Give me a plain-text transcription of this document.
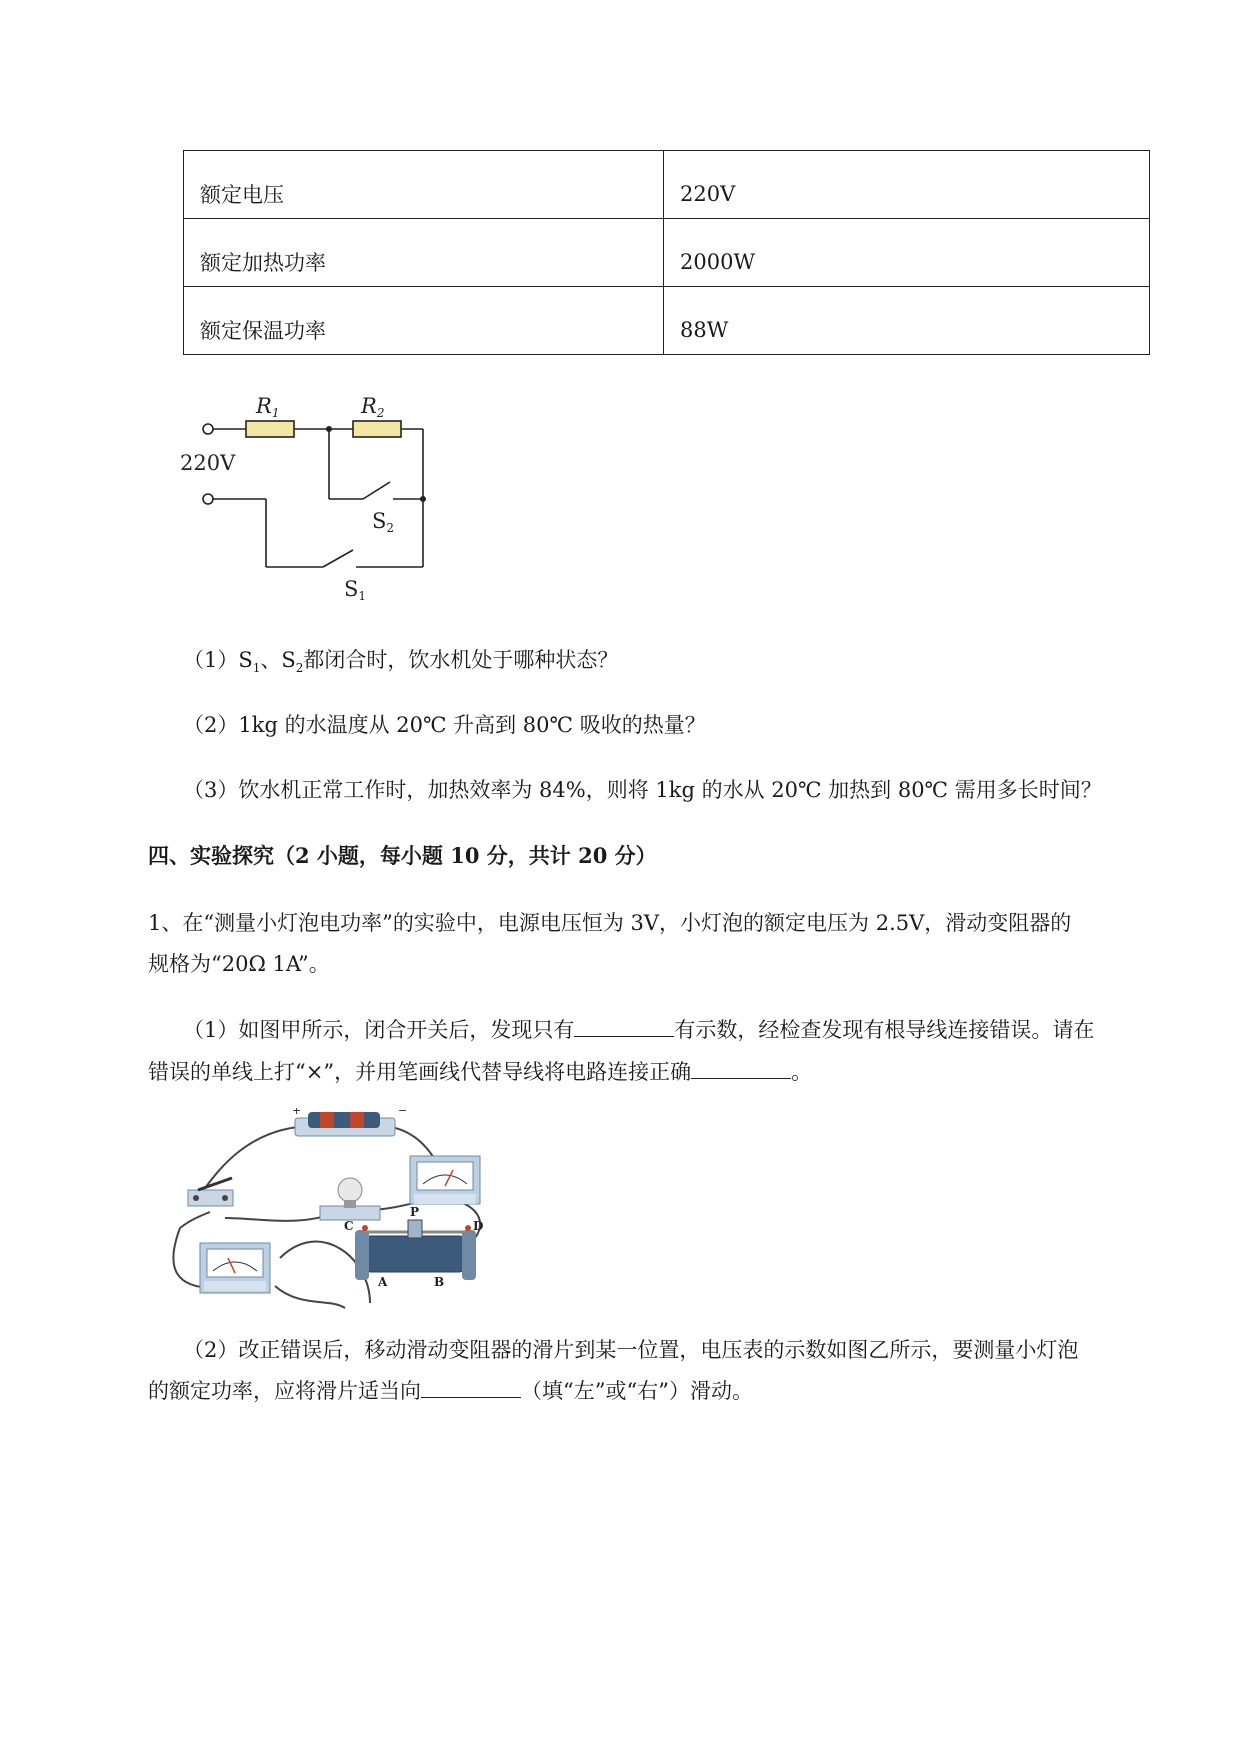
额定电压	220V
额定加热功率	2000W
额定保温功率	88W
R1	R2
220V
S2
S1
$(1)S_1$、$S_2$都闭合时，饮水机处于哪种状态？
（2）1kg 的水温度从 20℃ 升高到 80℃ 吸收的热量？
（3）饮水机正常工作时，加热效率为 84%，则将 1kg 的水从 20℃ 加热到 80℃ 需用多长时间？
四、实验探究（2 小题，每小题 10 分，共计 20 分）
1、在“测量小灯泡电功率”的实验中，电源电压恒为 3V，小灯泡的额定电压为 2.5V，滑动变阻器的
规格为“20Ω 1A”。
（1）如图甲所示，闭合开关后，发现只有	有示数，经检查发现有根导线连接错误。请在
错误的单线上打“×”，并用笔画线代替导线将电路连接正确	。
+	−
P
C	D
A	B
（2）改正错误后，移动滑动变阻器的滑片到某一位置，电压表的示数如图乙所示，要测量小灯泡
的额定功率，应将滑片适当向	（填“左”或“右”）滑动。
